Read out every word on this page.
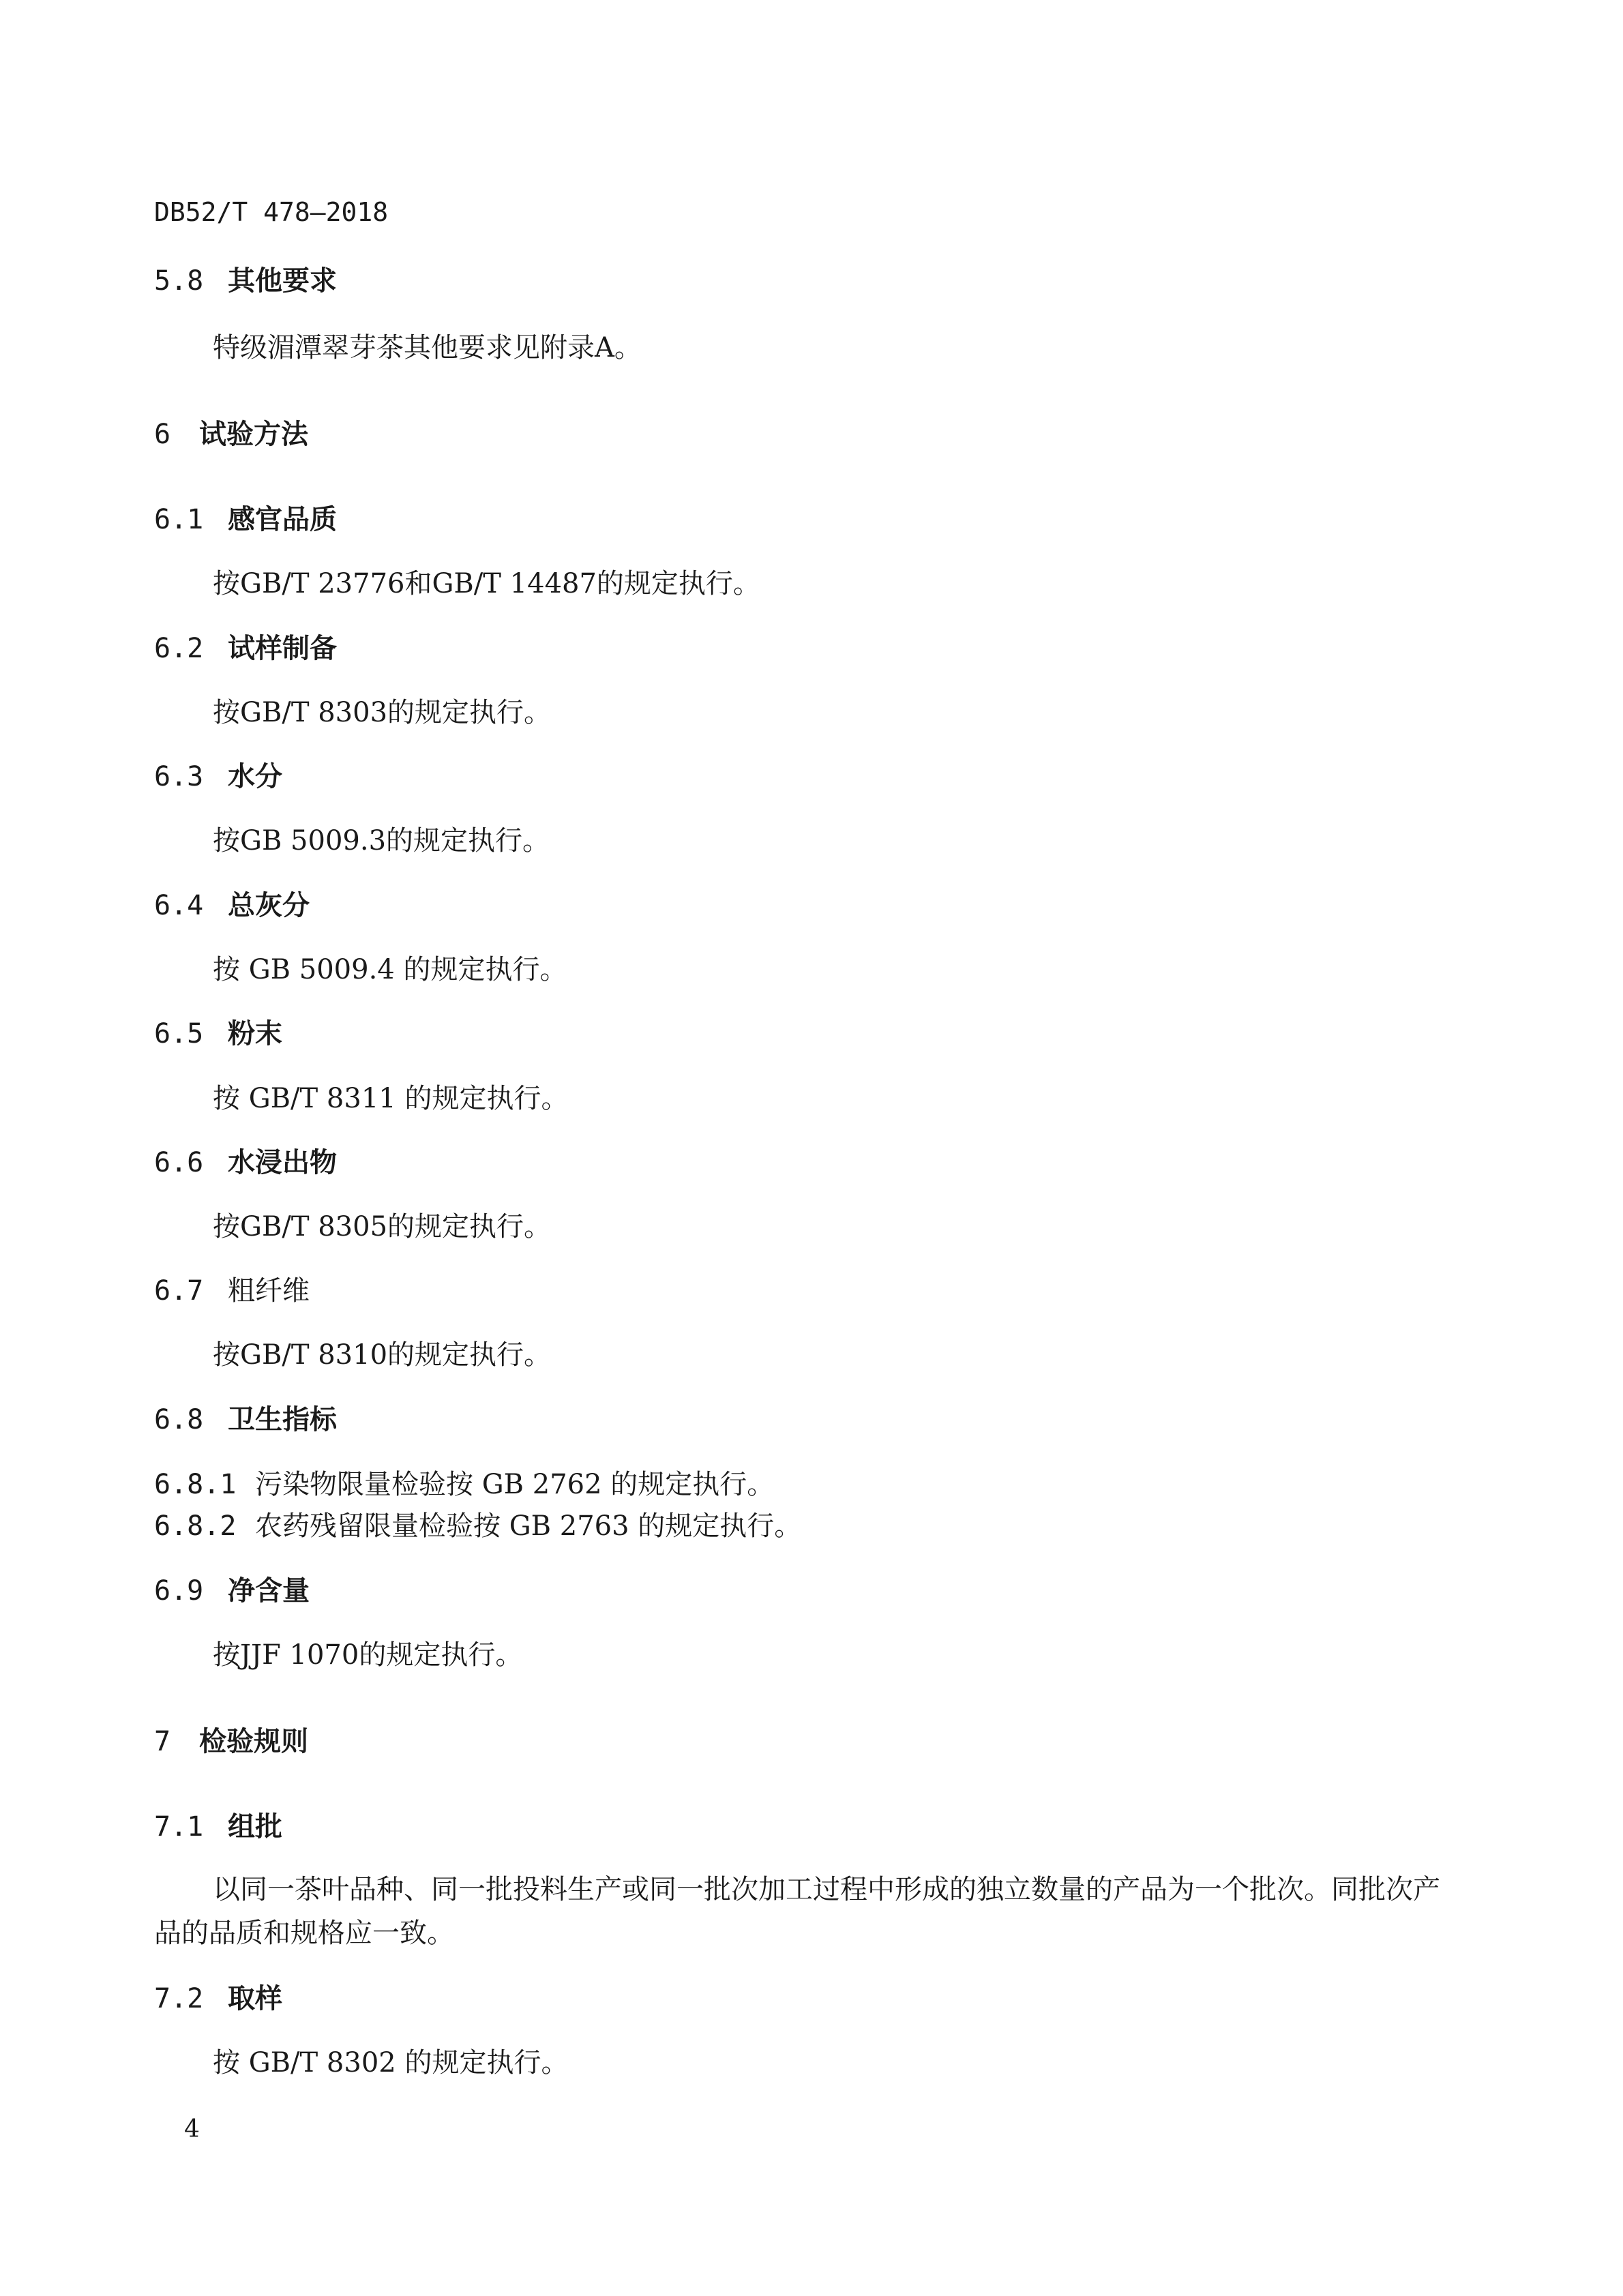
DB52/T 478—2018
5.8 其他要求
特级湄潭翠芽茶其他要求见附录A。
6 试验方法
6.1 感官品质
按GB/T 23776和GB/T 14487的规定执行。
6.2 试样制备
按GB/T 8303的规定执行。
6.3 水分
按GB 5009.3的规定执行。
6.4 总灰分
按 GB 5009.4 的规定执行。
6.5 粉末
按 GB/T 8311 的规定执行。
6.6 水浸出物
按GB/T 8305的规定执行。
6.7 粗纤维
按GB/T 8310的规定执行。
6.8 卫生指标
6.8.1 污染物限量检验按 GB 2762 的规定执行。
6.8.2 农药残留限量检验按 GB 2763 的规定执行。
6.9 净含量
按JJF 1070的规定执行。
7 检验规则
7.1 组批
以同一茶叶品种、同一批投料生产或同一批次加工过程中形成的独立数量的产品为一个批次。同批次产品的品质和规格应一致。
7.2 取样
按 GB/T 8302 的规定执行。
4
